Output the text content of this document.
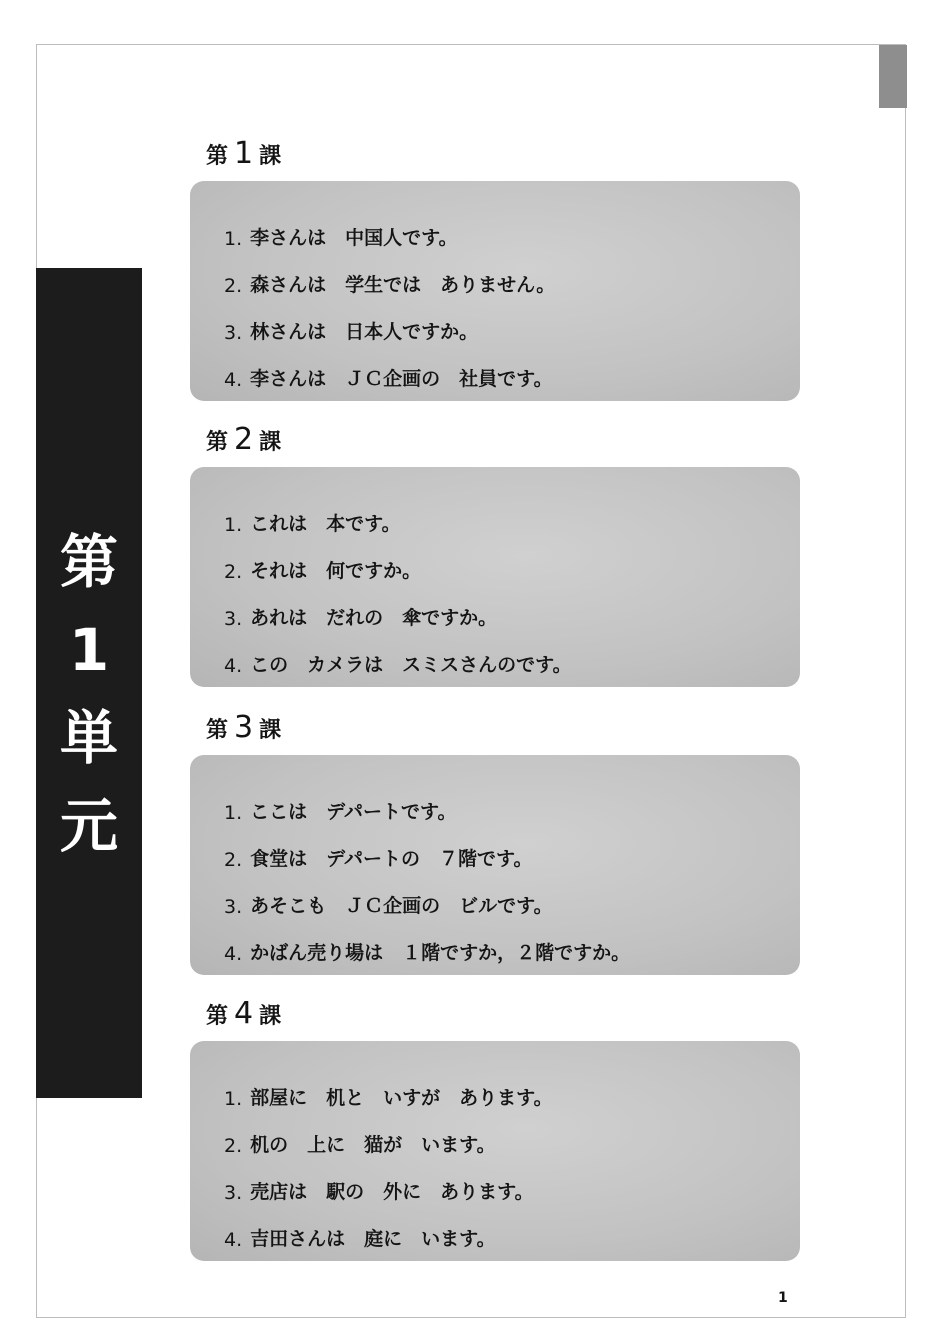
第
1
単
元
第 1 課
1. 李さんは　中国人です。
2. 森さんは　学生では　ありません。
3. 林さんは　日本人ですか。
4. 李さんは　ＪＣ企画の　社員です。
第 2 課
1. これは　本です。
2. それは　何ですか。
3. あれは　だれの　傘ですか。
4. この　カメラは　スミスさんのです。
第 3 課
1. ここは　デパートです。
2. 食堂は　デパートの　７階です。
3. あそこも　ＪＣ企画の　ビルです。
4. かばん売り場は　１階ですか，２階ですか。
第 4 課
1. 部屋に　机と　いすが　あります。
2. 机の　上に　猫が　います。
3. 売店は　駅の　外に　あります。
4. 吉田さんは　庭に　います。
1
